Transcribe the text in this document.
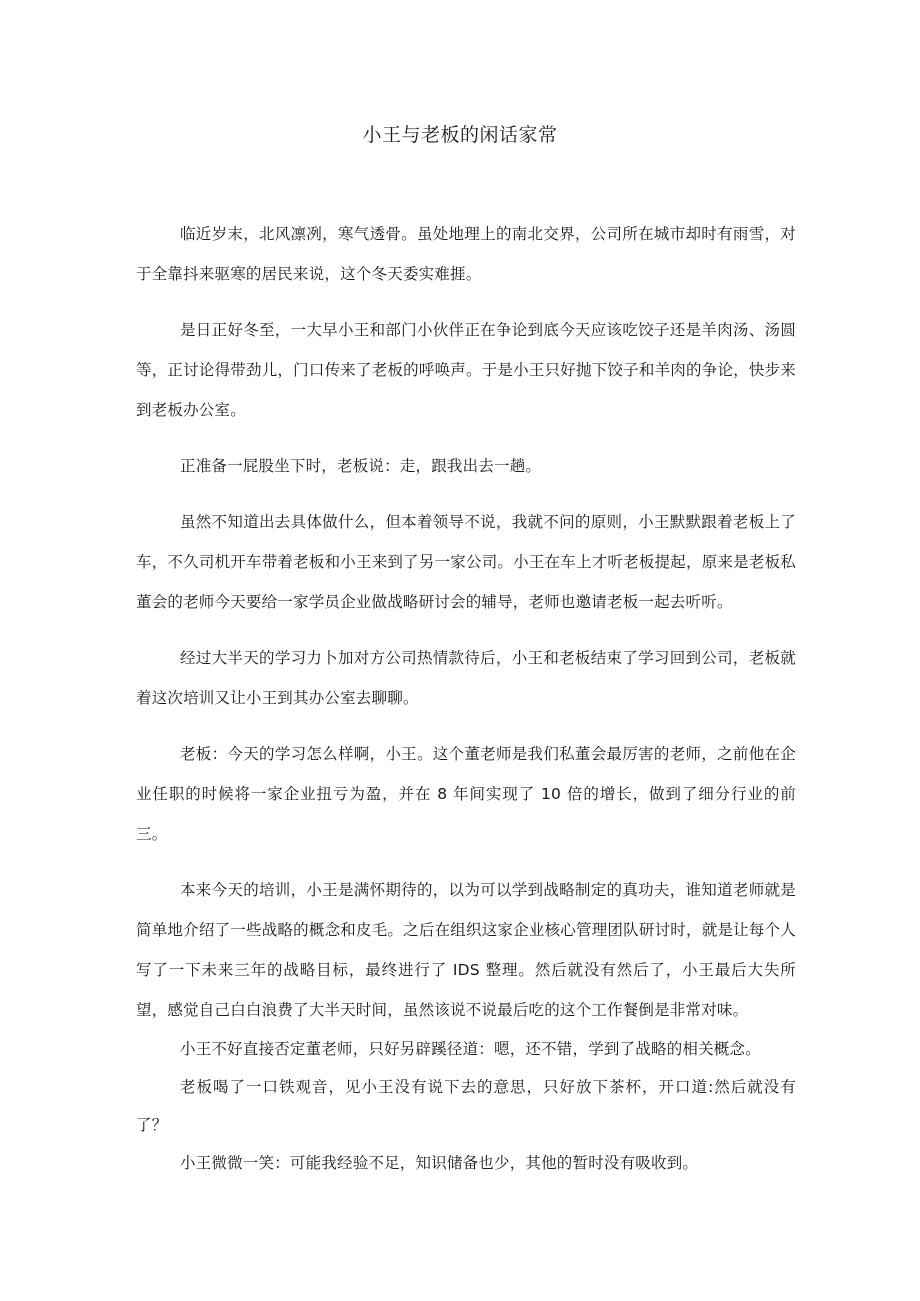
小王与老板的闲话家常

临近岁末，北风凛冽，寒气透骨。虽处地理上的南北交界，公司所在城市却时有雨雪，对于全靠抖来驱寒的居民来说，这个冬天委实难捱。

是日正好冬至，一大早小王和部门小伙伴正在争论到底今天应该吃饺子还是羊肉汤、汤圆等，正讨论得带劲儿，门口传来了老板的呼唤声。于是小王只好抛下饺子和羊肉的争论，快步来到老板办公室。

正准备一屁股坐下时，老板说：走，跟我出去一趟。

虽然不知道出去具体做什么，但本着领导不说，我就不问的原则，小王默默跟着老板上了车，不久司机开车带着老板和小王来到了另一家公司。小王在车上才听老板提起，原来是老板私董会的老师今天要给一家学员企业做战略研讨会的辅导，老师也邀请老板一起去听听。

经过大半天的学习力卜加对方公司热情款待后，小王和老板结束了学习回到公司，老板就着这次培训又让小王到其办公室去聊聊。

老板：今天的学习怎么样啊，小王。这个董老师是我们私董会最厉害的老师，之前他在企业任职的时候将一家企业扭亏为盈，并在 8 年间实现了 10 倍的增长，做到了细分行业的前三。

本来今天的培训，小王是满怀期待的，以为可以学到战略制定的真功夫，谁知道老师就是简单地介绍了一些战略的概念和皮毛。之后在组织这家企业核心管理团队研讨时，就是让每个人写了一下未来三年的战略目标，最终进行了 IDS 整理。然后就没有然后了，小王最后大失所望，感觉自己白白浪费了大半天时间，虽然该说不说最后吃的这个工作餐倒是非常对味。

小王不好直接否定董老师，只好另辟蹊径道：嗯，还不错，学到了战略的相关概念。

老板喝了一口铁观音，见小王没有说下去的意思，只好放下茶杯，开口道:然后就没有了？

小王微微一笑：可能我经验不足，知识储备也少，其他的暂时没有吸收到。
